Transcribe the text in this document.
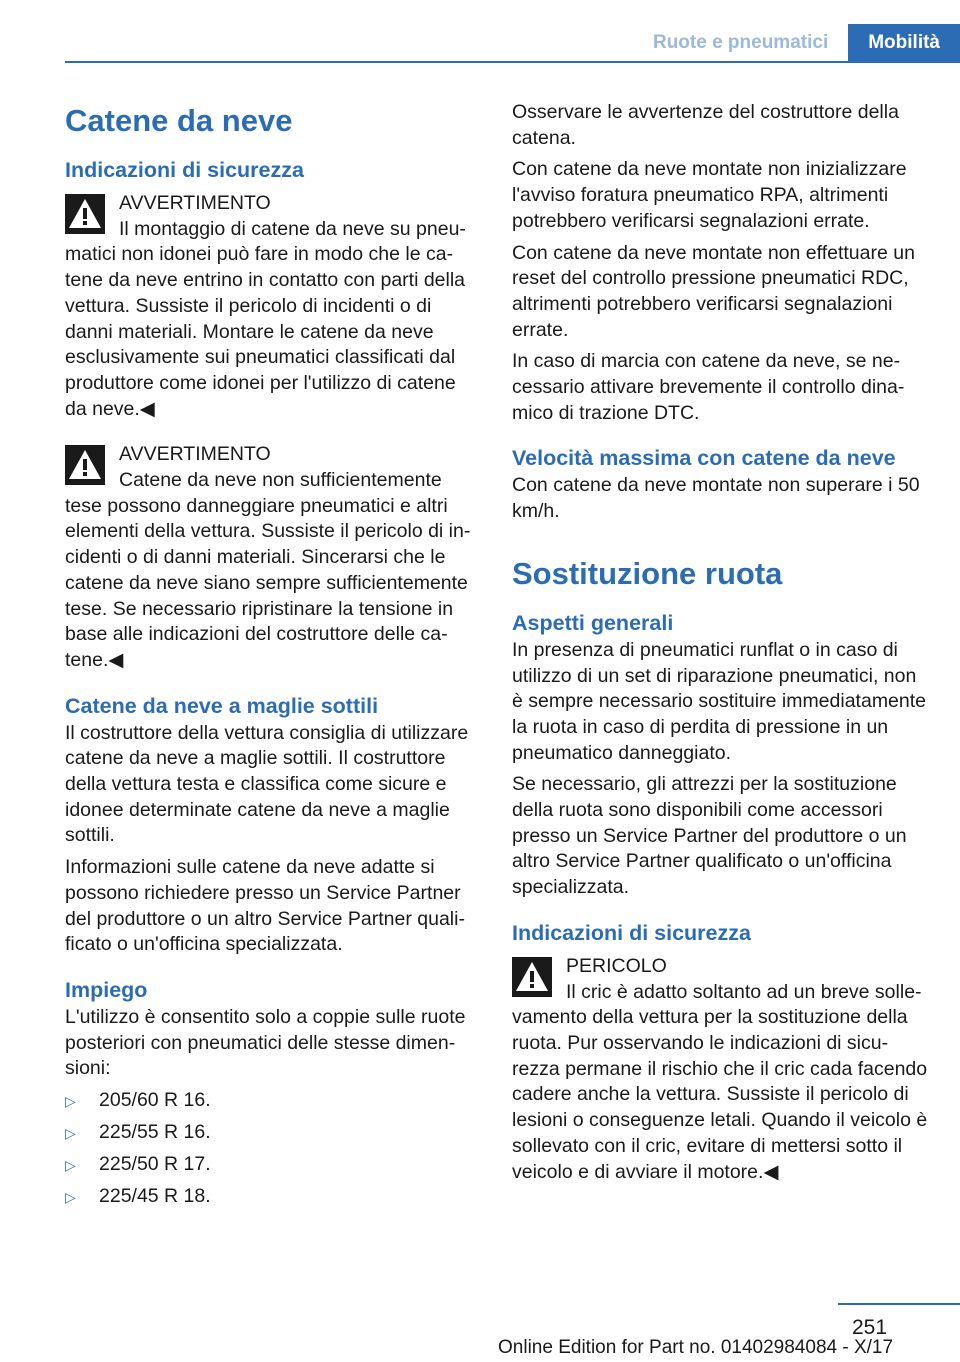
Ruote e pneumatici	Mobilità
Catene da neve
Indicazioni di sicurezza

AVVERTIMENTO
Il montaggio di catene da neve su pneumatici non idonei può fare in modo che le catene da neve entrino in contatto con parti della vettura. Sussiste il pericolo di incidenti o di danni materiali. Montare le catene da neve esclusivamente sui pneumatici classificati dal produttore come idonei per l'utilizzo di catene da neve.◀

AVVERTIMENTO
Catene da neve non sufficientemente tese possono danneggiare pneumatici e altri elementi della vettura. Sussiste il pericolo di incidenti o di danni materiali. Sincerarsi che le catene da neve siano sempre sufficientemente tese. Se necessario ripristinare la tensione in base alle indicazioni del costruttore delle catene.◀

Catene da neve a maglie sottili

Il costruttore della vettura consiglia di utilizzare catene da neve a maglie sottili. Il costruttore della vettura testa e classifica come sicure e idonee determinate catene da neve a maglie sottili.

Informazioni sulle catene da neve adatte si possono richiedere presso un Service Partner del produttore o un altro Service Partner qualificato o un'officina specializzata.

Impiego

L'utilizzo è consentito solo a coppie sulle ruote posteriori con pneumatici delle stesse dimensioni:

▷ 205/60 R 16.
▷ 225/55 R 16.
▷ 225/50 R 17.
▷ 225/45 R 18.

Osservare le avvertenze del costruttore della catena.

Con catene da neve montate non inizializzare l'avviso foratura pneumatico RPA, altrimenti potrebbero verificarsi segnalazioni errate.

Con catene da neve montate non effettuare un reset del controllo pressione pneumatici RDC, altrimenti potrebbero verificarsi segnalazioni errate.

In caso di marcia con catene da neve, se necessario attivare brevemente il controllo dinamico di trazione DTC.

Velocità massima con catene da neve

Con catene da neve montate non superare i 50 km/h.

Sostituzione ruota
Aspetti generali

In presenza di pneumatici runflat o in caso di utilizzo di un set di riparazione pneumatici, non è sempre necessario sostituire immediatamente la ruota in caso di perdita di pressione in un pneumatico danneggiato.

Se necessario, gli attrezzi per la sostituzione della ruota sono disponibili come accessori presso un Service Partner del produttore o un altro Service Partner qualificato o un'officina specializzata.

Indicazioni di sicurezza

PERICOLO
Il cric è adatto soltanto ad un breve sollevamento della vettura per la sostituzione della ruota. Pur osservando le indicazioni di sicurezza permane il rischio che il cric cada facendo cadere anche la vettura. Sussiste il pericolo di lesioni o conseguenze letali. Quando il veicolo è sollevato con il cric, evitare di mettersi sotto il veicolo e di avviare il motore.◀

251
Online Edition for Part no. 01402984084 - X/17
